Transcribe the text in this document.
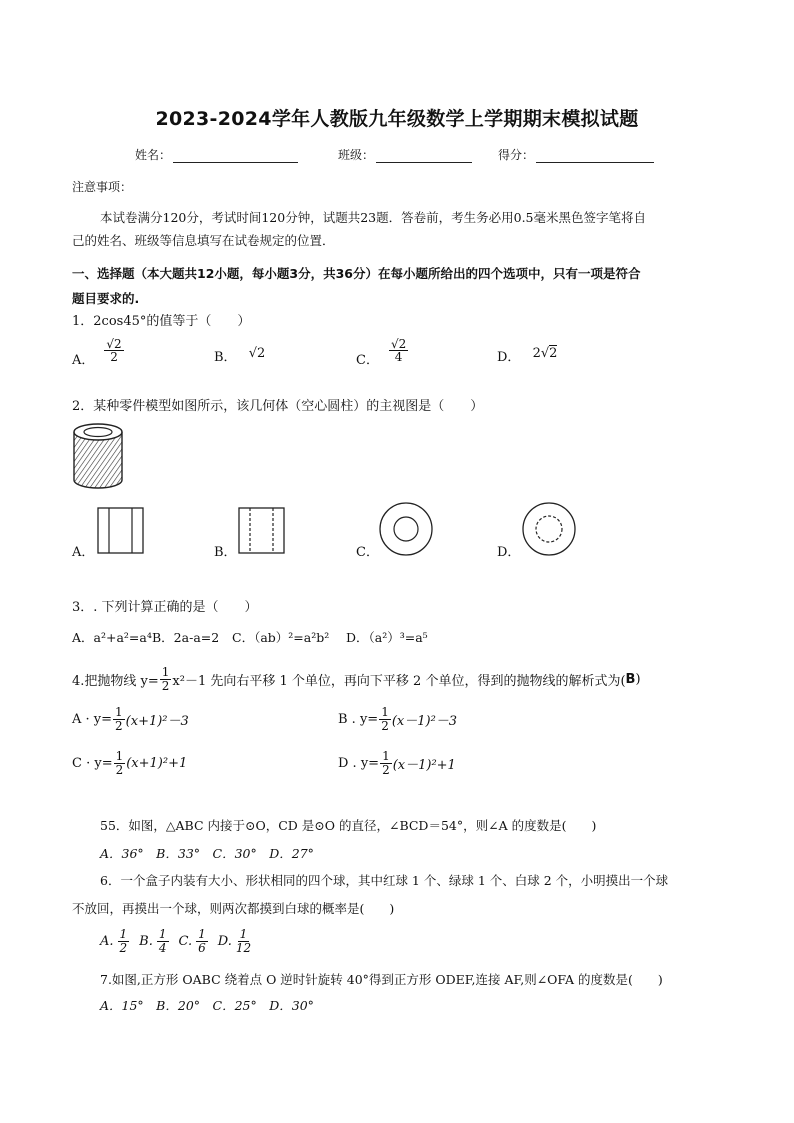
2023-2024学年人教版九年级数学上学期期末模拟试题
姓名：	班级：	得分：
注意事项：
本试卷满分120分，考试时间120分钟，试题共23题．答卷前，考生务必用0.5毫米黑色签字笔将自
己的姓名、班级等信息填写在试卷规定的位置．
一、选择题（本大题共12小题，每小题3分，共36分）在每小题所给出的四个选项中，只有一项是符合
题目要求的.
1．2cos45°的值等于（　　）
A． $\frac{√2}{2}$	B． √2	C． $\frac{√2}{4}$	D． 2√2
2．某种零件模型如图所示，该几何体（空心圆柱）的主视图是（　　）
A．	B．	C．	D．
3．. 下列计算正确的是（　　）
A．a²+a²=a⁴ B．2a-a=2 C．（ab）²=a²b² D．（a²）³=a⁵
4.把抛物线 $y= \frac{1}{2} x^2-1$ 先向右平移 1 个单位，再向下平移 2 个单位，得到的抛物线的解析式为( B )
$A \cdot y= \frac{1}{2} (x+1)^2-3$	B . $y= \frac{1}{2} (x-1)^2-3$
$C \cdot y= \frac{1}{2} (x+1)^2+1$	D . $y= \frac{1}{2} (x-1)^2+1$
55．如图，△ABC 内接于⊙O，CD 是⊙O 的直径，∠BCD＝54°，则∠A 的度数是(　　)
A．36°　B．33°　C．30°　D．27°
6．一个盒子内装有大小、形状相同的四个球，其中红球 1 个、绿球 1 个、白球 2 个，小明摸出一个球
不放回，再摸出一个球，则两次都摸到白球的概率是(　　)
A. $\frac{1}{2} B$. $\frac{1}{4} C$. $\frac{1}{6} D$. $\frac{1}{12}$
7.如图,正方形 OABC 绕着点 O 逆时针旋转 40°得到正方形 ODEF,连接 AF,则∠OFA 的度数是(　　)
A．15°　B．20°　C．25°　D．30°
